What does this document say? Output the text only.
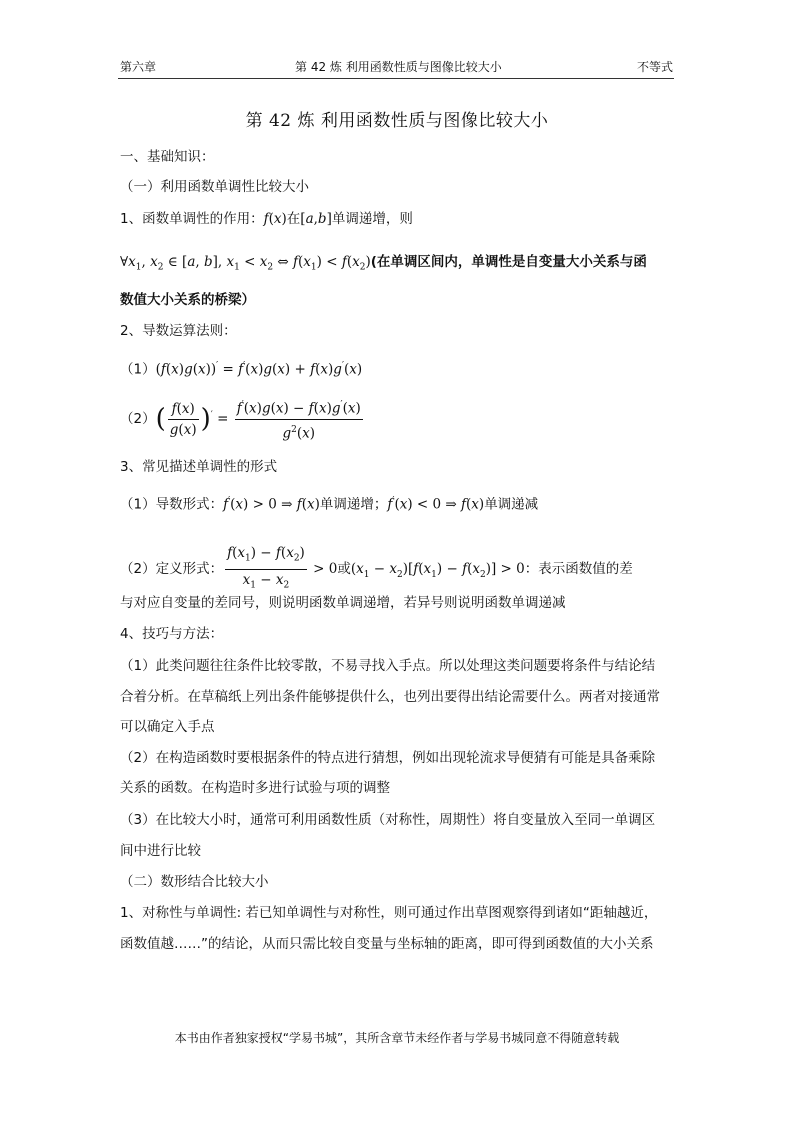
第六章	第 42 炼 利用函数性质与图像比较大小	不等式
第 42 炼 利用函数性质与图像比较大小
一、基础知识：
（一）利用函数单调性比较大小
1、函数单调性的作用：f(x)在[a,b]单调递增，则
$\forall x_1$, $x_2$ ∈ [a, b], $x_1 < x_2$ ⇔ $f(x_1) < f(x_2)$(在单调区间内，单调性是自变量大小关系与函
数值大小关系的桥梁）
2、导数运算法则：
（1）(f(x)g(x))′ = f′(x)g(x) + f(x)g′(x)
$(2)( \frac{f(x)}{g(x)} )' = \frac{f'(x)g(x) - f(x)g'(x)}{g^2(x)}$
3、常见描述单调性的形式
（1）导数形式：f′(x) > 0 ⇒ f(x)单调递增；f′(x) < 0 ⇒ f(x)单调递减
（2）定义形式： $\frac{f(x_1) - f(x_2)}{x_1 - x_2} > 0$或$(x_1 - x_2)[f(x_1) - f(x_2)] > 0$：表示函数值的差
与对应自变量的差同号，则说明函数单调递增，若异号则说明函数单调递减
4、技巧与方法：
（1）此类问题往往条件比较零散，不易寻找入手点。所以处理这类问题要将条件与结论结
合着分析。在草稿纸上列出条件能够提供什么，也列出要得出结论需要什么。两者对接通常
可以确定入手点
（2）在构造函数时要根据条件的特点进行猜想，例如出现轮流求导便猜有可能是具备乘除
关系的函数。在构造时多进行试验与项的调整
（3）在比较大小时，通常可利用函数性质（对称性，周期性）将自变量放入至同一单调区
间中进行比较
（二）数形结合比较大小
1、对称性与单调性: 若已知单调性与对称性，则可通过作出草图观察得到诸如“距轴越近，
函数值越……”的结论，从而只需比较自变量与坐标轴的距离，即可得到函数值的大小关系
本书由作者独家授权“学易书城”，其所含章节未经作者与学易书城同意不得随意转载
